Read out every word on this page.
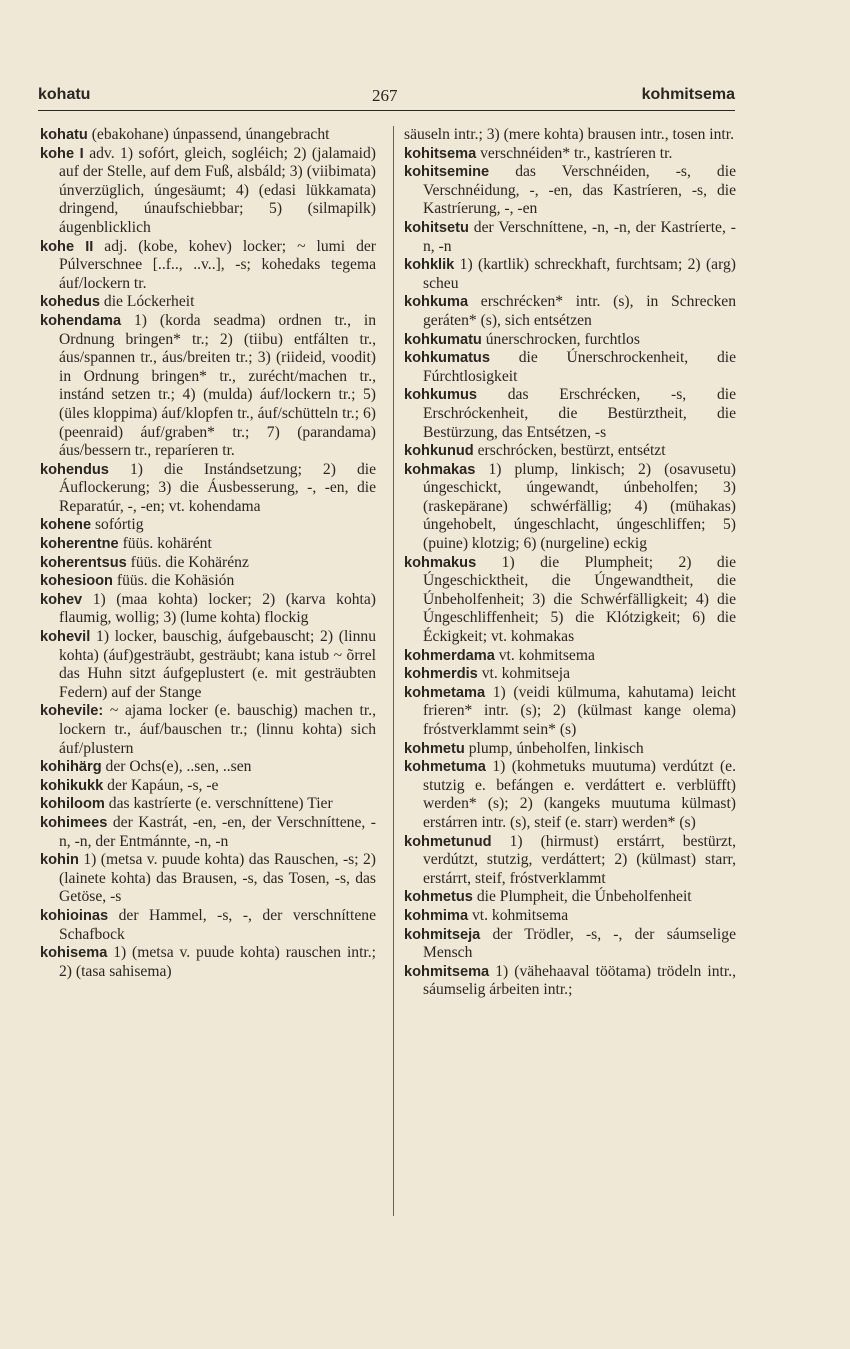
kohatu	267	kohmitsema

kohatu (ebakohane) únpassend, únangebracht

kohe I adv. 1) sofórt, gleich, sogléich; 2) (jalamaid) auf der Stelle, auf dem Fuß, alsbáld; 3) (viibimata) únverzüglich, úngesäumt; 4) (edasi lükkamata) dringend, únaufschiebbar; 5) (silmapilk) áugenblicklich

kohe II adj. (kobe, kohev) locker; ~ lumi der Púlverschnee [..f.., ..v..], -s; kohedaks tegema áuf/lockern tr.

kohedus die Lóckerheit

kohendama 1) (korda seadma) ordnen tr., in Ordnung bringen* tr.; 2) (tiibu) entfálten tr., áus/spannen tr., áus/breiten tr.; 3) (riideid, voodit) in Ordnung bringen* tr., zurécht/machen tr., instánd setzen tr.; 4) (mulda) áuf/lockern tr.; 5) (üles kloppima) áuf/klopfen tr., áuf/schütteln tr.; 6) (peenraid) áuf/graben* tr.; 7) (parandama) áus/bessern tr., reparíeren tr.

kohendus 1) die Instándsetzung; 2) die Áuflockerung; 3) die Áusbesserung, -, -en, die Reparatúr, -, -en; vt. kohendama

kohene sofórtig

koherentne füüs. kohärént

koherentsus füüs. die Kohärénz

kohesioon füüs. die Kohäsión

kohev 1) (maa kohta) locker; 2) (karva kohta) flaumig, wollig; 3) (lume kohta) flockig

kohevil 1) locker, bauschig, áufgebauscht; 2) (linnu kohta) (áuf)gesträubt, gesträubt; kana istub ~ õrrel das Huhn sitzt áufgeplustert (e. mit gesträubten Federn) auf der Stange

kohevile: ~ ajama locker (e. bauschig) machen tr., lockern tr., áuf/bauschen tr.; (linnu kohta) sich áuf/plustern

kohihärg der Ochs(e), ..sen, ..sen

kohikukk der Kapáun, -s, -e

kohiloom das kastríerte (e. verschníttene) Tier

kohimees der Kastrát, -en, -en, der Verschníttene, -n, -n, der Entmánnte, -n, -n

kohin 1) (metsa v. puude kohta) das Rauschen, -s; 2) (lainete kohta) das Brausen, -s, das Tosen, -s, das Getöse, -s

kohioinas der Hammel, -s, -, der verschníttene Schafbock

kohisema 1) (metsa v. puude kohta) rauschen intr.; 2) (tasa sahisema)

säuseln intr.; 3) (mere kohta) brausen intr., tosen intr.

kohitsema verschnéiden* tr., kastríeren tr.

kohitsemine das Verschnéiden, -s, die Verschnéidung, -, -en, das Kastríeren, -s, die Kastríerung, -, -en

kohitsetu der Verschníttene, -n, -n, der Kastríerte, -n, -n

kohklik 1) (kartlik) schreckhaft, furchtsam; 2) (arg) scheu

kohkuma erschrécken* intr. (s), in Schrecken geráten* (s), sich entsétzen

kohkumatu únerschrocken, furchtlos

kohkumatus die Únerschrockenheit, die Fúrchtlosigkeit

kohkumus das Erschrécken, -s, die Erschróckenheit, die Bestürztheit, die Bestürzung, das Entsétzen, -s

kohkunud erschrócken, bestürzt, entsétzt

kohmakas 1) plump, linkisch; 2) (osavusetu) úngeschickt, úngewandt, únbeholfen; 3) (raskepärane) schwérfällig; 4) (mühakas) úngehobelt, úngeschlacht, úngeschliffen; 5) (puine) klotzig; 6) (nurgeline) eckig

kohmakus 1) die Plumpheit; 2) die Úngeschicktheit, die Úngewandtheit, die Únbeholfenheit; 3) die Schwérfälligkeit; 4) die Úngeschliffenheit; 5) die Klótzigkeit; 6) die Éckigkeit; vt. kohmakas

kohmerdama vt. kohmitsema

kohmerdis vt. kohmitseja

kohmetama 1) (veidi külmuma, kahutama) leicht frieren* intr. (s); 2) (külmast kange olema) fróstverklammt sein* (s)

kohmetu plump, únbeholfen, linkisch

kohmetuma 1) (kohmetuks muutuma) verdútzt (e. stutzig e. befángen e. verdáttert e. verblüfft) werden* (s); 2) (kangeks muutuma külmast) erstárren intr. (s), steif (e. starr) werden* (s)

kohmetunud 1) (hirmust) erstárrt, bestürzt, verdútzt, stutzig, verdáttert; 2) (külmast) starr, erstárrt, steif, fróstverklammt

kohmetus die Plumpheit, die Únbeholfenheit

kohmima vt. kohmitsema

kohmitseja der Trödler, -s, -, der sáumselige Mensch

kohmitsema 1) (vähehaaval töötama) trödeln intr., sáumselig árbeiten intr.;
